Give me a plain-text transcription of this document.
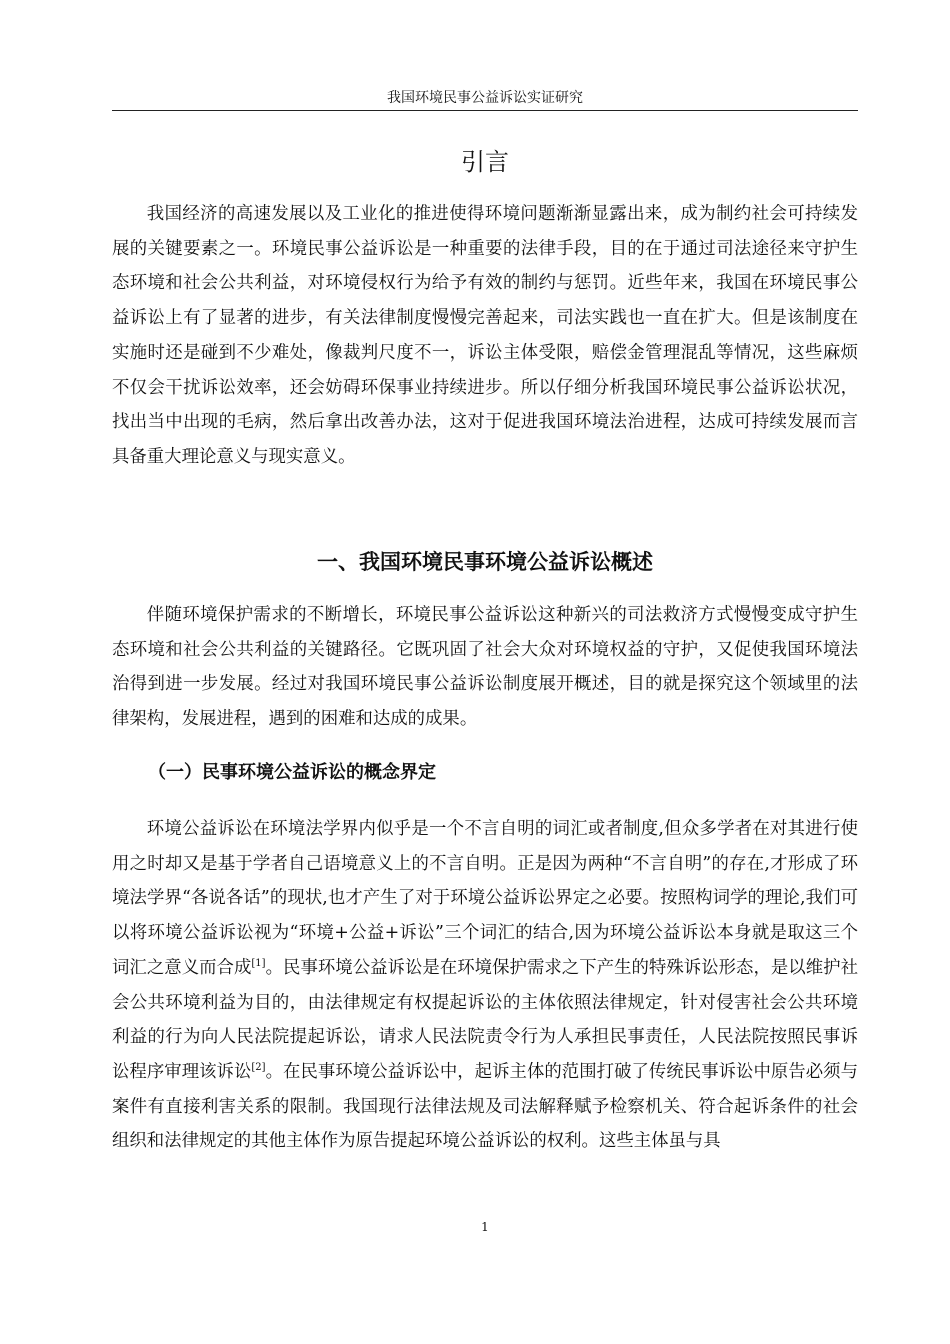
我国环境民事公益诉讼实证研究
引言

我国经济的高速发展以及工业化的推进使得环境问题渐渐显露出来，成为制约社会可持续发展的关键要素之一。环境民事公益诉讼是一种重要的法律手段，目的在于通过司法途径来守护生态环境和社会公共利益，对环境侵权行为给予有效的制约与惩罚。近些年来，我国在环境民事公益诉讼上有了显著的进步，有关法律制度慢慢完善起来，司法实践也一直在扩大。但是该制度在实施时还是碰到不少难处，像裁判尺度不一，诉讼主体受限，赔偿金管理混乱等情况，这些麻烦不仅会干扰诉讼效率，还会妨碍环保事业持续进步。所以仔细分析我国环境民事公益诉讼状况，找出当中出现的毛病，然后拿出改善办法，这对于促进我国环境法治进程，达成可持续发展而言具备重大理论意义与现实意义。

一、我国环境民事环境公益诉讼概述

伴随环境保护需求的不断增长，环境民事公益诉讼这种新兴的司法救济方式慢慢变成守护生态环境和社会公共利益的关键路径。它既巩固了社会大众对环境权益的守护，又促使我国环境法治得到进一步发展。经过对我国环境民事公益诉讼制度展开概述，目的就是探究这个领域里的法律架构，发展进程，遇到的困难和达成的成果。

（一）民事环境公益诉讼的概念界定

环境公益诉讼在环境法学界内似乎是一个不言自明的词汇或者制度,但众多学者在对其进行使用之时却又是基于学者自己语境意义上的不言自明。正是因为两种“不言自明”的存在,才形成了环境法学界“各说各话”的现状,也才产生了对于环境公益诉讼界定之必要。按照构词学的理论,我们可以将环境公益诉讼视为“环境+公益+诉讼”三个词汇的结合,因为环境公益诉讼本身就是取这三个词汇之意义而合成[1]。民事环境公益诉讼是在环境保护需求之下产生的特殊诉讼形态，是以维护社会公共环境利益为目的，由法律规定有权提起诉讼的主体依照法律规定，针对侵害社会公共环境利益的行为向人民法院提起诉讼，请求人民法院责令行为人承担民事责任，人民法院按照民事诉讼程序审理该诉讼[2]。在民事环境公益诉讼中，起诉主体的范围打破了传统民事诉讼中原告必须与案件有直接利害关系的限制。我国现行法律法规及司法解释赋予检察机关、符合起诉条件的社会组织和法律规定的其他主体作为原告提起环境公益诉讼的权利。这些主体虽与具

1
